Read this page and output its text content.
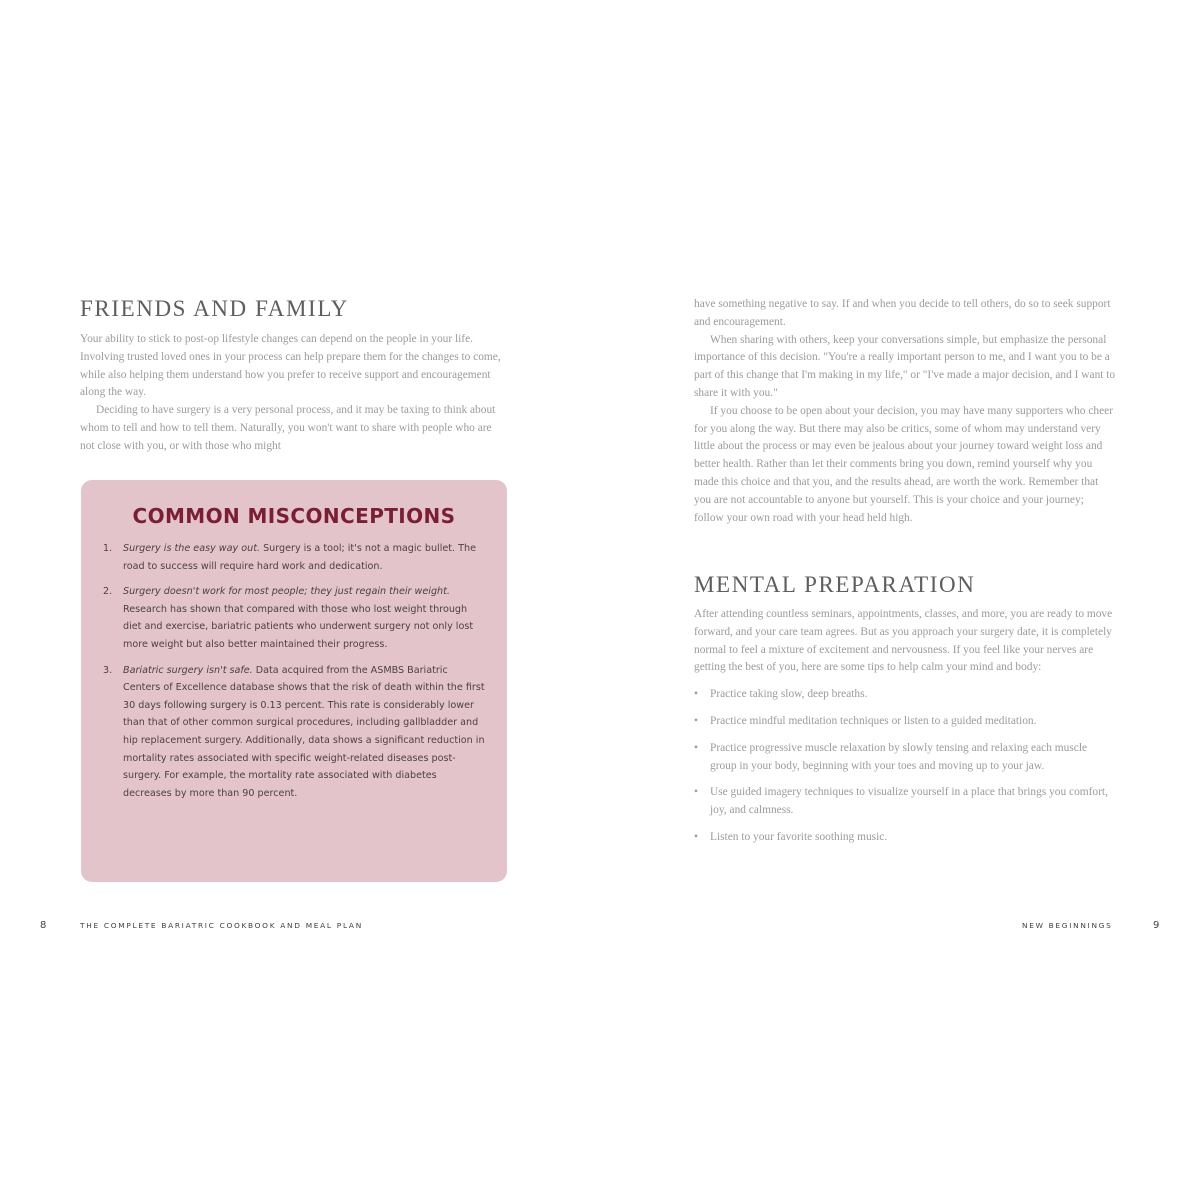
FRIENDS AND FAMILY

Your ability to stick to post-op lifestyle changes can depend on the people in your life. Involving trusted loved ones in your process can help prepare them for the changes to come, while also helping them understand how you prefer to receive support and encouragement along the way.

Deciding to have surgery is a very personal process, and it may be taxing to think about whom to tell and how to tell them. Naturally, you won't want to share with people who are not close with you, or with those who might

COMMON MISCONCEPTIONS
1. Surgery is the easy way out. Surgery is a tool; it's not a magic bullet. The road to success will require hard work and dedication.
2. Surgery doesn't work for most people; they just regain their weight. Research has shown that compared with those who lost weight through diet and exercise, bariatric patients who underwent surgery not only lost more weight but also better maintained their progress.
3. Bariatric surgery isn't safe. Data acquired from the ASMBS Bariatric Centers of Excellence database shows that the risk of death within the first 30 days following surgery is 0.13 percent. This rate is considerably lower than that of other common surgical procedures, including gallbladder and hip replacement surgery. Additionally, data shows a significant reduction in mortality rates associated with specific weight-related diseases post-surgery. For example, the mortality rate associated with diabetes decreases by more than 90 percent.
8	THE COMPLETE BARIATRIC COOKBOOK AND MEAL PLAN

have something negative to say. If and when you decide to tell others, do so to seek support and encouragement.

When sharing with others, keep your conversations simple, but emphasize the personal importance of this decision. "You're a really important person to me, and I want you to be a part of this change that I'm making in my life," or "I've made a major decision, and I want to share it with you."

If you choose to be open about your decision, you may have many supporters who cheer for you along the way. But there may also be critics, some of whom may understand very little about the process or may even be jealous about your journey toward weight loss and better health. Rather than let their comments bring you down, remind yourself why you made this choice and that you, and the results ahead, are worth the work. Remember that you are not accountable to anyone but yourself. This is your choice and your journey; follow your own road with your head held high.

MENTAL PREPARATION

After attending countless seminars, appointments, classes, and more, you are ready to move forward, and your care team agrees. But as you approach your surgery date, it is completely normal to feel a mixture of excitement and nervousness. If you feel like your nerves are getting the best of you, here are some tips to help calm your mind and body:

• Practice taking slow, deep breaths.
• Practice mindful meditation techniques or listen to a guided meditation.
• Practice progressive muscle relaxation by slowly tensing and relaxing each muscle group in your body, beginning with your toes and moving up to your jaw.
• Use guided imagery techniques to visualize yourself in a place that brings you comfort, joy, and calmness.
• Listen to your favorite soothing music.
NEW BEGINNINGS	9
